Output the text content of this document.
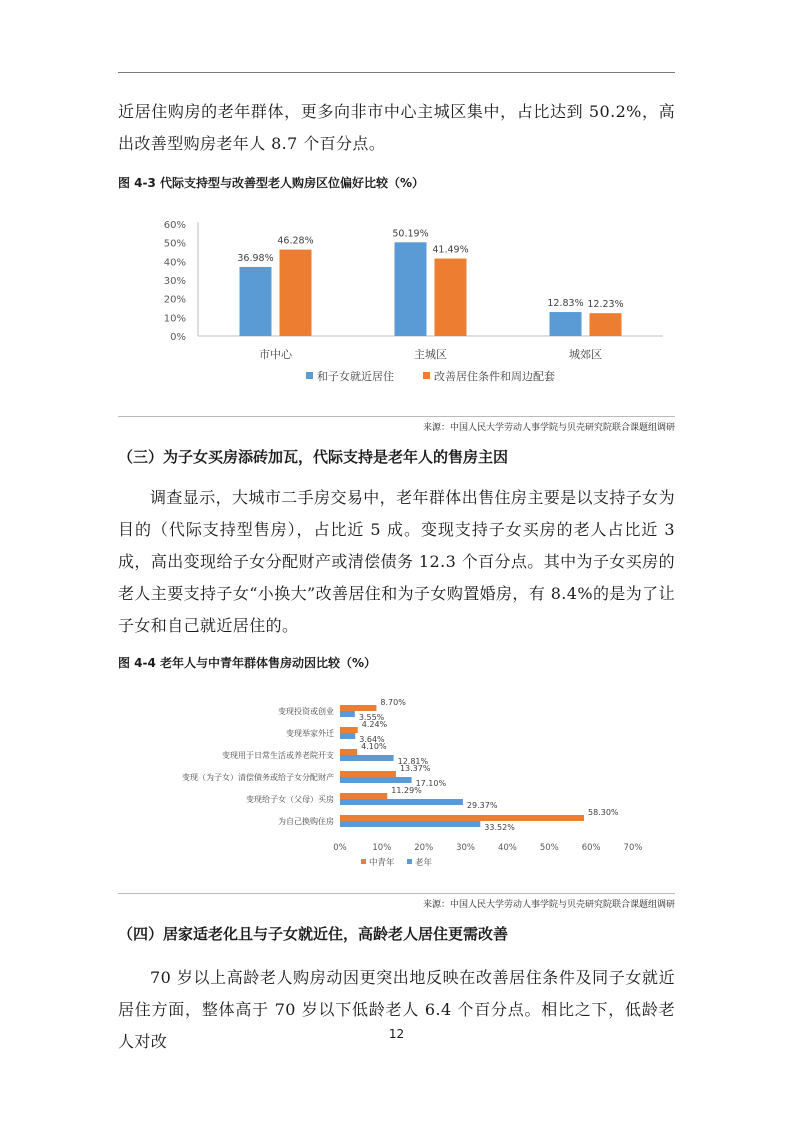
近居住购房的老年群体，更多向非市中心主城区集中，占比达到 50.2%，高出改善型购房老年人 8.7 个百分点。

图 4-3 代际支持型与改善型老人购房区位偏好比较（%）

0%
10%
20%
30%
40%
50%
60%
36.98%
46.28%
50.19%
41.49%
12.83% 12.23%
市中心	主城区	城郊区
和子女就近居住	改善居住条件和周边配套

来源：中国人民大学劳动人事学院与贝壳研究院联合课题组调研

（三）为子女买房添砖加瓦，代际支持是老年人的售房主因

调查显示，大城市二手房交易中，老年群体出售住房主要是以支持子女为目的（代际支持型售房），占比近 5 成。变现支持子女买房的老人占比近 3 成，高出变现给子女分配财产或清偿债务 12.3 个百分点。其中为子女买房的老人主要支持子女“小换大”改善居住和为子女购置婚房，有 8.4%的是为了让子女和自己就近居住的。

图 4-4 老年人与中青年群体售房动因比较（%）

变现投资或创业
变现举家外迁
变现用于日常生活或养老院开支
变现（为子女）清偿债务或给子女分配财产
变现给子女（父母）买房
为自己换购住房
8.70%
3.55%
4.24%
3.64%
4.10%
12.81%
13.37%
17.10%
11.29%
29.37%
58.30%
33.52%
0%	10%	20%	30%	40%	50%	60%	70%
中青年 老年

来源：中国人民大学劳动人事学院与贝壳研究院联合课题组调研

（四）居家适老化且与子女就近住，高龄老人居住更需改善

70 岁以上高龄老人购房动因更突出地反映在改善居住条件及同子女就近居住方面，整体高于 70 岁以下低龄老人 6.4 个百分点。相比之下，低龄老人对改	12
